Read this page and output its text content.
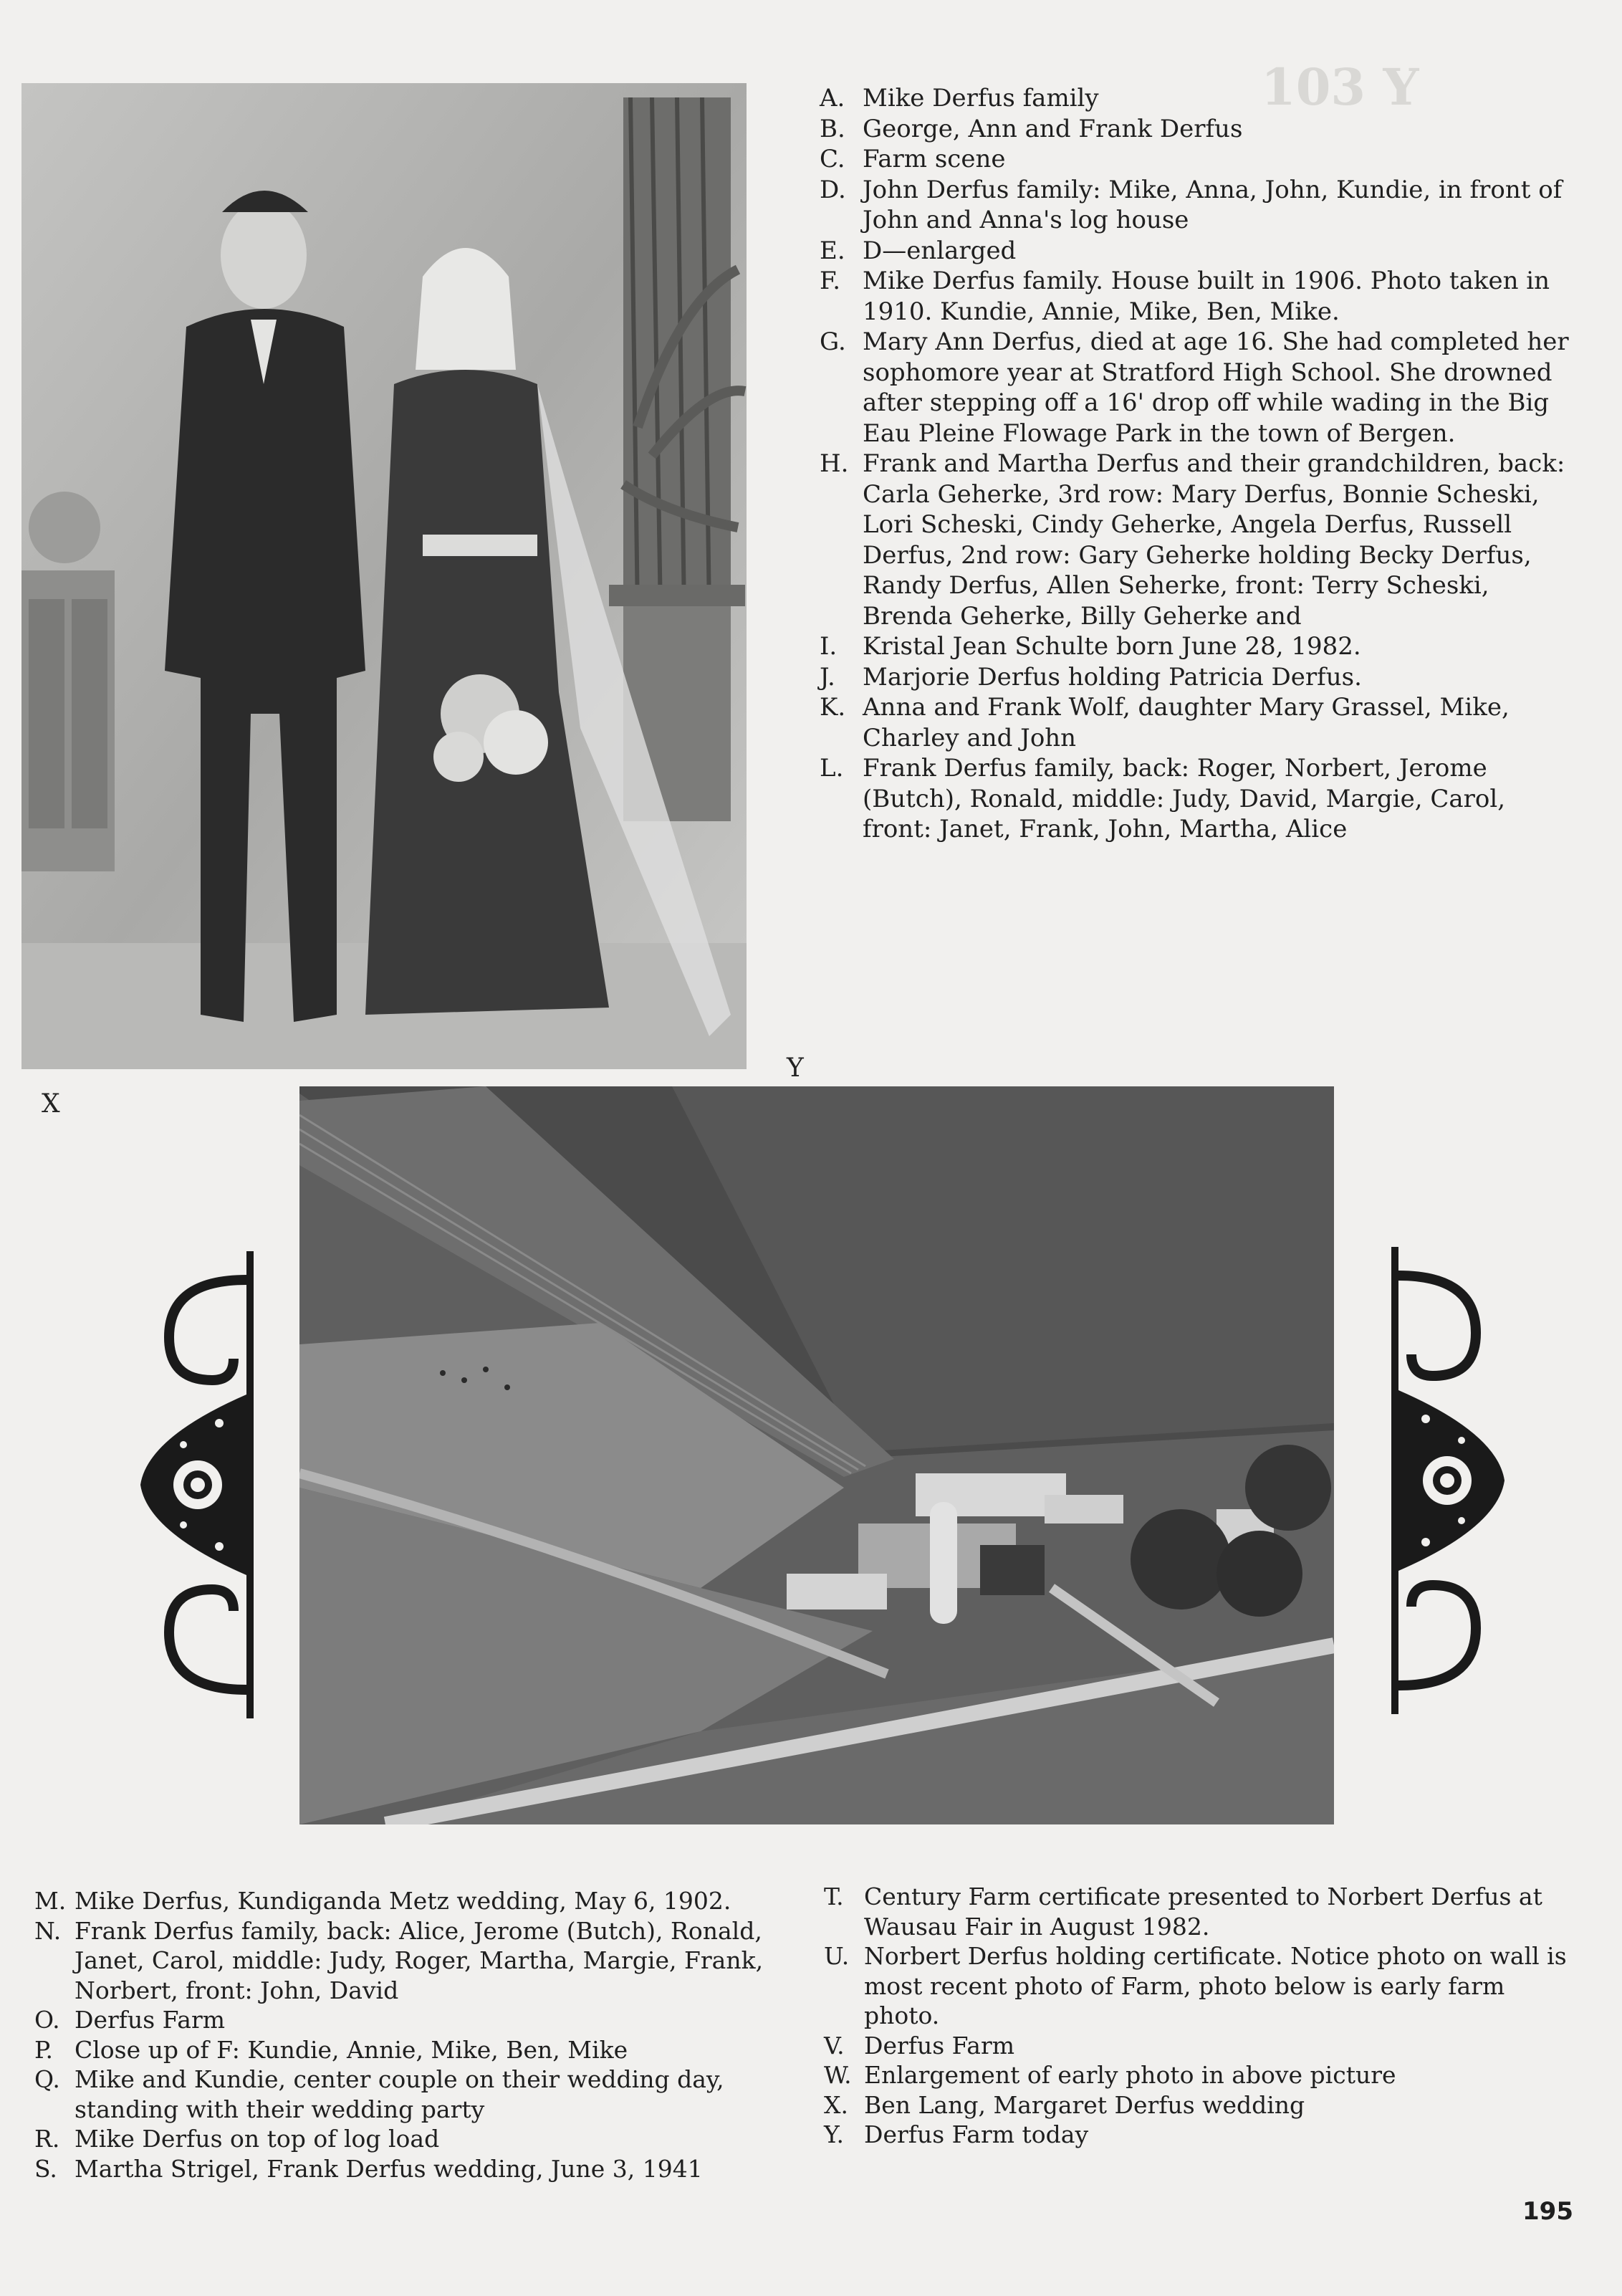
103 Y
A. Mike Derfus family
B. George, Ann and Frank Derfus
C. Farm scene
D. John Derfus family: Mike, Anna, John, Kundie, in front of John and Anna's log house
E. D—enlarged
F. Mike Derfus family. House built in 1906. Photo taken in 1910. Kundie, Annie, Mike, Ben, Mike.
G. Mary Ann Derfus, died at age 16. She had completed her sophomore year at Stratford High School. She drowned after stepping off a 16' drop off while wading in the Big Eau Pleine Flowage Park in the town of Bergen.
H. Frank and Martha Derfus and their grandchildren, back: Carla Geherke, 3rd row: Mary Derfus, Bonnie Scheski, Lori Scheski, Cindy Geherke, Angela Derfus, Russell Derfus, 2nd row: Gary Geherke holding Becky Derfus, Randy Derfus, Allen Seherke, front: Terry Scheski, Brenda Geherke, Billy Geherke and
I.	Kristal Jean Schulte born June 28, 1982.
J.	Marjorie Derfus holding Patricia Derfus.
K. Anna and Frank Wolf, daughter Mary Grassel, Mike, Charley and John
L. Frank Derfus family, back: Roger, Norbert, Jerome (Butch), Ronald, middle: Judy, David, Margie, Carol, front: Janet, Frank, John, Martha, Alice
X
Y
M. Mike Derfus, Kundiganda Metz wedding, May 6, 1902.
N. Frank Derfus family, back: Alice, Jerome (Butch), Ronald, Janet, Carol, middle: Judy, Roger, Martha, Margie, Frank, Norbert, front: John, David
O. Derfus Farm
P. Close up of F: Kundie, Annie, Mike, Ben, Mike
Q. Mike and Kundie, center couple on their wedding day, standing with their wedding party
R. Mike Derfus on top of log load
S. Martha Strigel, Frank Derfus wedding, June 3, 1941
T. Century Farm certificate presented to Norbert Derfus at Wausau Fair in August 1982.
U. Norbert Derfus holding certificate. Notice photo on wall is most recent photo of Farm, photo below is early farm photo.
V. Derfus Farm
W. Enlargement of early photo in above picture
X. Ben Lang, Margaret Derfus wedding
Y. Derfus Farm today
195
